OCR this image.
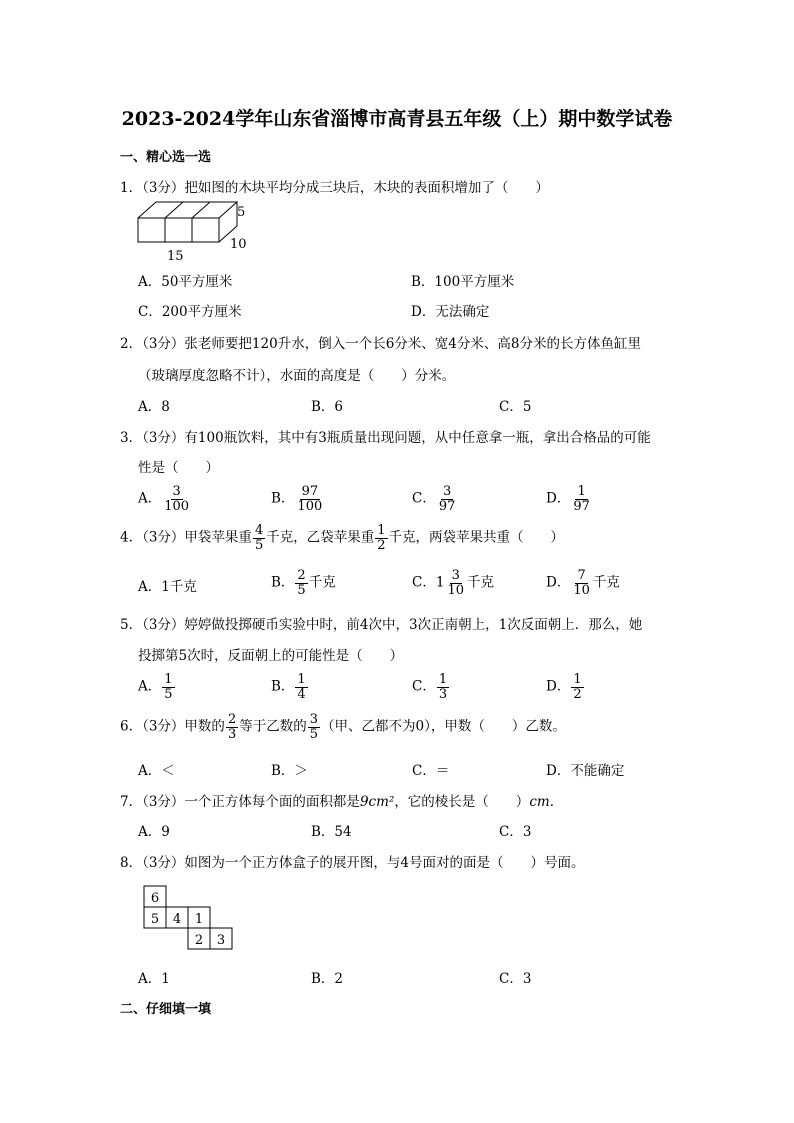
2023-2024学年山东省淄博市高青县五年级（上）期中数学试卷
一、精心选一选
1．（3分）把如图的木块平均分成三块后，木块的表面积增加了（　　）
5
10
15
A．50平方厘米	B．100平方厘米
C．200平方厘米	D．无法确定
2．（3分）张老师要把120升水，倒入一个长6分米、宽4分米、高8分米的长方体鱼缸里
（玻璃厚度忽略不计），水面的高度是（　　）分米。
A．8	B．6	C．5
3．（3分）有100瓶饮料，其中有3瓶质量出现问题，从中任意拿一瓶，拿出合格品的可能
性是（　　）
A． $\frac{3}{100}$	B． $\frac{97}{100}$	C． $\frac{3}{97}$	D． $\frac{1}{97}$
4．（3分）甲袋苹果重 $\frac{4}{5}$ 千克，乙袋苹果重 $\frac{1}{2}$ 千克，两袋苹果共重（　　）
A．1千克	B． $\frac{2}{5}$ 千克	C．$1 \frac{3}{10}$ 千克	D． $\frac{7}{10}$ 千克
5．（3分）婷婷做投掷硬币实验中时，前4次中，3次正南朝上，1次反面朝上．那么，她
投掷第5次时，反面朝上的可能性是（　　）
A． $\frac{1}{5}$	B． $\frac{1}{4}$	C． $\frac{1}{3}$	D． $\frac{1}{2}$
6．（3分）甲数的 $\frac{2}{3}$ 等于乙数的 $\frac{3}{5}$ （甲、乙都不为0），甲数（　　）乙数。
A．＜	B．＞	C．＝	D．不能确定
7．（3分）一个正方体每个面的面积都是9cm²，它的棱长是（　　）cm．
A．9	B．54	C．3
8．（3分）如图为一个正方体盒子的展开图，与4号面对的面是（　　）号面。
6
5 4 1
2 3
A．1	B．2	C．3
二、仔细填一填
